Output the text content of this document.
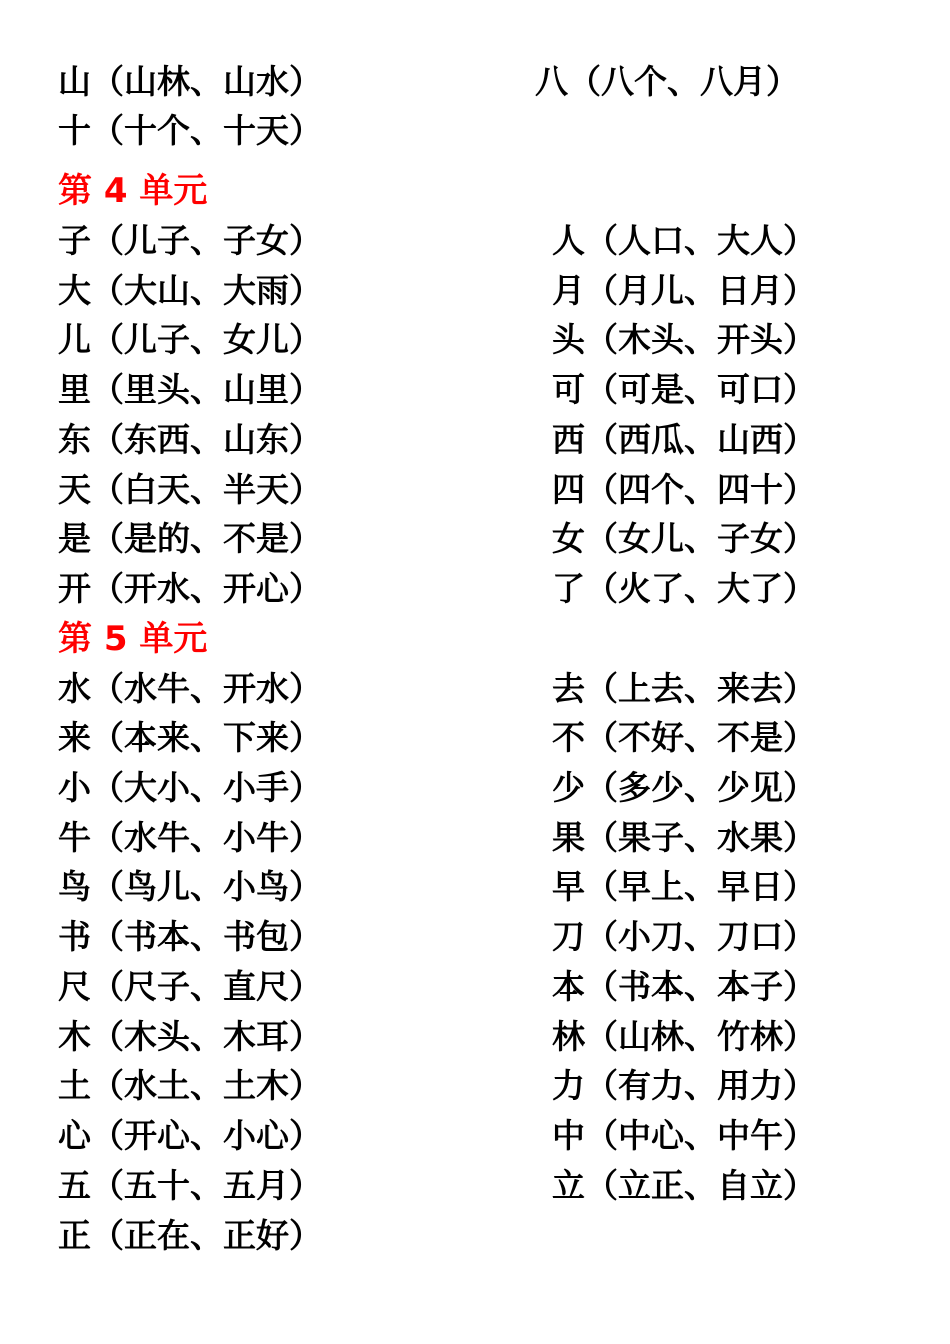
山（山林、山水）	八（八个、八月）
十（十个、十天）
第 4 单元
子（儿子、子女）	人（人口、大人）
大（大山、大雨）	月（月儿、日月）
儿（儿子、女儿）	头（木头、开头）
里（里头、山里）	可（可是、可口）
东（东西、山东）	西（西瓜、山西）
天（白天、半天）	四（四个、四十）
是（是的、不是）	女（女儿、子女）
开（开水、开心）	了（火了、大了）
第 5 单元
水（水牛、开水）	去（上去、来去）
来（本来、下来）	不（不好、不是）
小（大小、小手）	少（多少、少见）
牛（水牛、小牛）	果（果子、水果）
鸟（鸟儿、小鸟）	早（早上、早日）
书（书本、书包）	刀（小刀、刀口）
尺（尺子、直尺）	本（书本、本子）
木（木头、木耳）	林（山林、竹林）
土（水土、土木）	力（有力、用力）
心（开心、小心）	中（中心、中午）
五（五十、五月）	立（立正、自立）
正（正在、正好）
